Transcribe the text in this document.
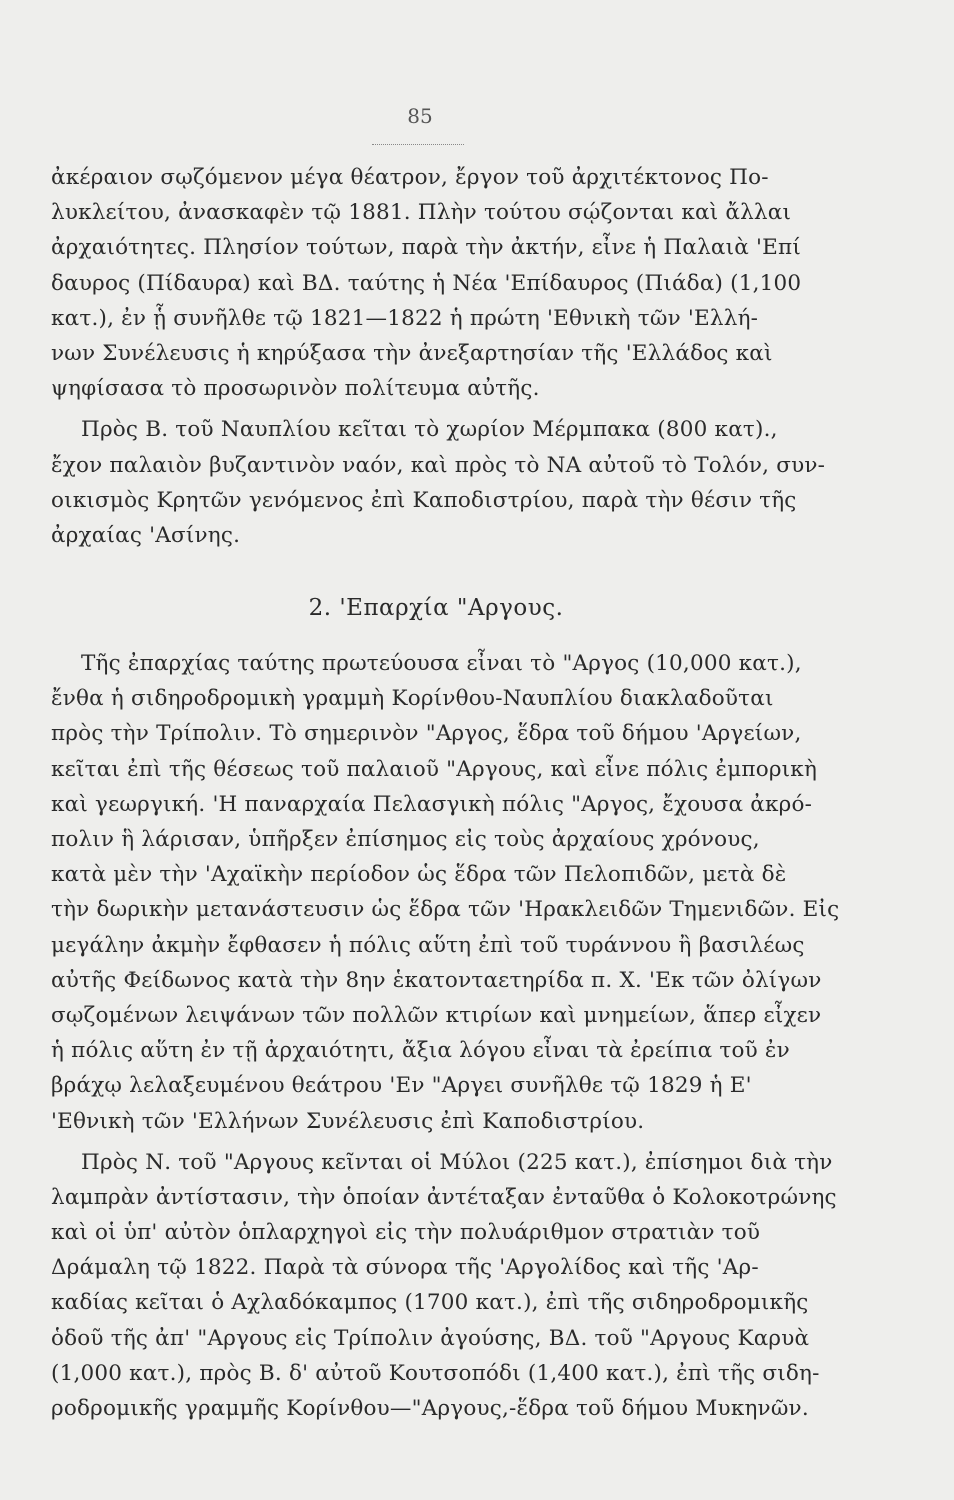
85
ἀκέραιον σῳζόμενον μέγα θέατρον, ἔργον τοῦ ἀρχιτέκτονος Πο-
λυκλείτου, ἀνασκαφὲν τῷ 1881. Πλὴν τούτου σῴζονται καὶ ἄλλαι
ἀρχαιότητες. Πλησίον τούτων, παρὰ τὴν ἀκτήν, εἶνε ἡ Παλαιὰ 'Επί
δαυρος (Πίδαυρα) καὶ ΒΔ. ταύτης ἡ Νέα 'Επίδαυρος (Πιάδα) (1,100
κατ.), ἐν ᾗ συνῆλθε τῷ 1821—1822 ἡ πρώτη 'Εθνικὴ τῶν 'Ελλή-
νων Συνέλευσις ἡ κηρύξασα τὴν ἀνεξαρτησίαν τῆς 'Ελλάδος καὶ
ψηφίσασα τὸ προσωρινὸν πολίτευμα αὐτῆς.
Πρὸς Β. τοῦ Ναυπλίου κεῖται τὸ χωρίον Μέρμπακα (800 κατ).,
ἔχον παλαιὸν βυζαντινὸν ναόν, καὶ πρὸς τὸ ΝΑ αὐτοῦ τὸ Τολόν, συν-
οικισμὸς Κρητῶν γενόμενος ἐπὶ Καποδιστρίου, παρὰ τὴν θέσιν τῆς
ἀρχαίας 'Ασίνης.
2. 'Επαρχία "Αργους.
Τῆς ἐπαρχίας ταύτης πρωτεύουσα εἶναι τὸ "Αργος (10,000 κατ.),
ἔνθα ἡ σιδηροδρομικὴ γραμμὴ Κορίνθου-Ναυπλίου διακλαδοῦται
πρὸς τὴν Τρίπολιν. Τὸ σημερινὸν "Αργος, ἕδρα τοῦ δήμου 'Αργείων,
κεῖται ἐπὶ τῆς θέσεως τοῦ παλαιοῦ "Αργους, καὶ εἶνε πόλις ἐμπορικὴ
καὶ γεωργική. 'Η παναρχαία Πελασγικὴ πόλις "Αργος, ἔχουσα ἀκρό-
πολιν ἣ λάρισαν, ὑπῆρξεν ἐπίσημος εἰς τοὺς ἀρχαίους χρόνους,
κατὰ μὲν τὴν 'Αχαϊκὴν περίοδον ὡς ἕδρα τῶν Πελοπιδῶν, μετὰ δὲ
τὴν δωρικὴν μετανάστευσιν ὡς ἕδρα τῶν 'Ηρακλειδῶν Τημενιδῶν. Εἰς
μεγάλην ἀκμὴν ἔφθασεν ἡ πόλις αὕτη ἐπὶ τοῦ τυράννου ἢ βασιλέως
αὐτῆς Φείδωνος κατὰ τὴν 8ην ἑκατονταετηρίδα π. Χ. 'Εκ τῶν ὀλίγων
σῳζομένων λειψάνων τῶν πολλῶν κτιρίων καὶ μνημείων, ἅπερ εἶχεν
ἡ πόλις αὕτη ἐν τῇ ἀρχαιότητι, ἄξια λόγου εἶναι τὰ ἐρείπια τοῦ ἐν
βράχῳ λελαξευμένου θεάτρου 'Εν "Αργει συνῆλθε τῷ 1829 ἡ Ε'
'Εθνικὴ τῶν 'Ελλήνων Συνέλευσις ἐπὶ Καποδιστρίου.
Πρὸς Ν. τοῦ "Αργους κεῖνται οἱ Μύλοι (225 κατ.), ἐπίσημοι διὰ τὴν
λαμπρὰν ἀντίστασιν, τὴν ὁποίαν ἀντέταξαν ἐνταῦθα ὁ Κολοκοτρώνης
καὶ οἱ ὑπ' αὐτὸν ὁπλαρχηγοὶ εἰς τὴν πολυάριθμον στρατιὰν τοῦ
Δράμαλη τῷ 1822. Παρὰ τὰ σύνορα τῆς 'Αργολίδος καὶ τῆς 'Αρ-
καδίας κεῖται ὁ Αχλαδόκαμπος (1700 κατ.), ἐπὶ τῆς σιδηροδρομικῆς
ὁδοῦ τῆς ἀπ' "Αργους εἰς Τρίπολιν ἀγούσης, ΒΔ. τοῦ "Αργους Καρυὰ
(1,000 κατ.), πρὸς Β. δ' αὐτοῦ Κουτσοπόδι (1,400 κατ.), ἐπὶ τῆς σιδη-
ροδρομικῆς γραμμῆς Κορίνθου—"Αργους,-ἕδρα τοῦ δήμου Μυκηνῶν.
